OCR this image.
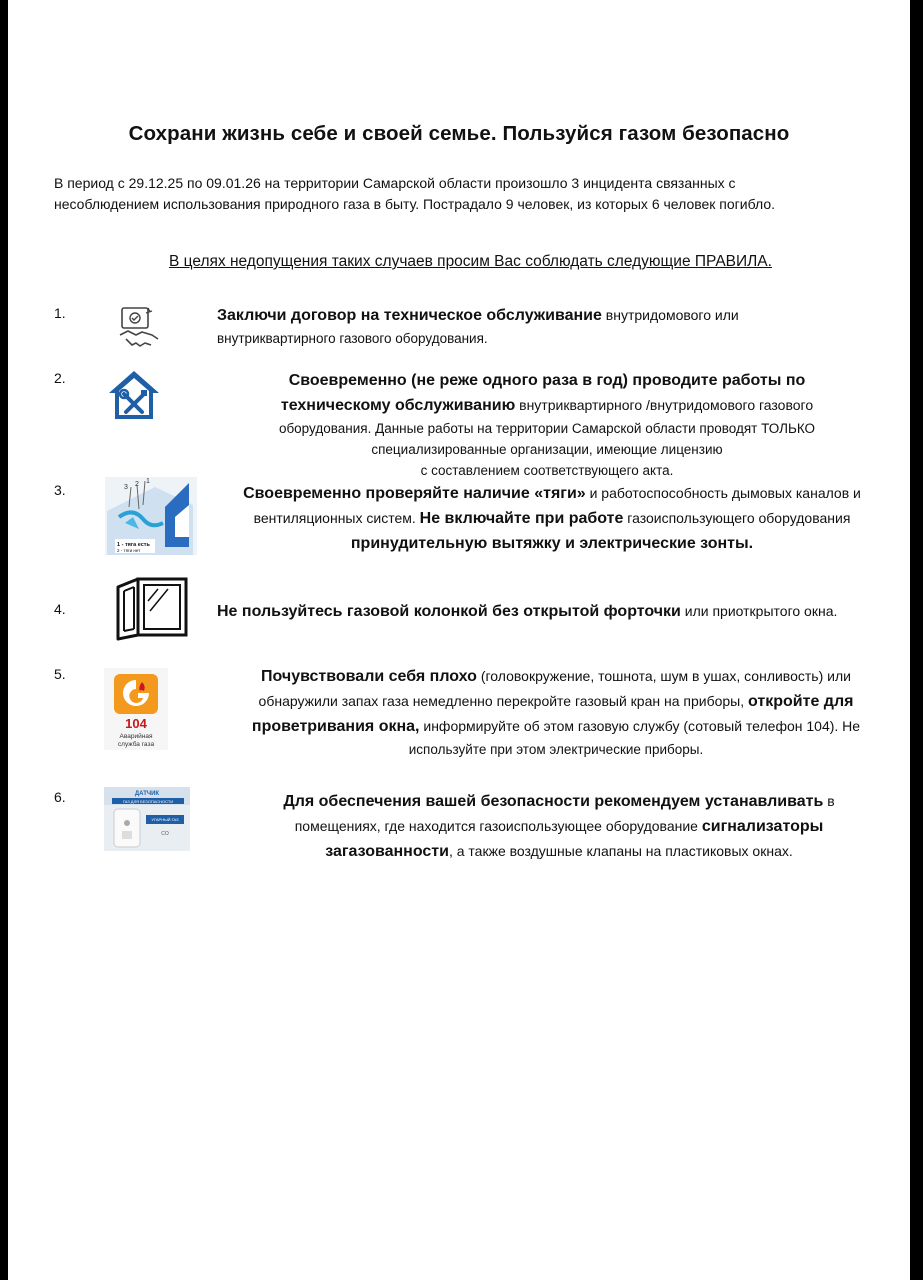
Сохрани жизнь себе и своей семье. Пользуйся газом безопасно
В период с 29.12.25 по 09.01.26 на территории Самарской области произошло 3 инцидента связанных с
несоблюдением использования природного газа в быту. Пострадало 9 человек, из которых 6 человек погибло.
В целях недопущения таких случаев просим Вас соблюдать следующие ПРАВИЛА.
1.	Заключи договор на техническое обслуживание внутридомового или
внутриквартирного газового оборудования.
2.	Своевременно (не реже одного раза в год) проводите работы по
техническому обслуживанию внутриквартирного /внутридомового газового
оборудования. Данные работы на территории Самарской области проводят ТОЛЬКО
специализированные организации, имеющие лицензию
с составлением соответствующего акта.
3.	3 2 1
1 - тяга есть
2 - тяги нет
Своевременно проверяйте наличие «тяги» и работоспособность дымовых каналов и
вентиляционных систем. Не включайте при работе газоиспользующего оборудования
принудительную вытяжку и электрические зонты.
4.	Не пользуйтесь газовой колонкой без открытой форточки или приоткрытого окна.
5.
104
Аварийная
служба газа
Почувствовали себя плохо (головокружение, тошнота, шум в ушах, сонливость) или
обнаружили запах газа немедленно перекройте газовый кран на приборы, откройте для
проветривания окна, информируйте об этом газовую службу (сотовый телефон 104). Не
используйте при этом электрические приборы.
6.	ДАТЧИК
ГАЗ ДЛЯ БЕЗОПАСНОСТИ
УГАРНЫЙ ГАЗ
CO
Для обеспечения вашей безопасности рекомендуем устанавливать в
помещениях, где находится газоиспользующее оборудование сигнализаторы
загазованности, а также воздушные клапаны на пластиковых окнах.
